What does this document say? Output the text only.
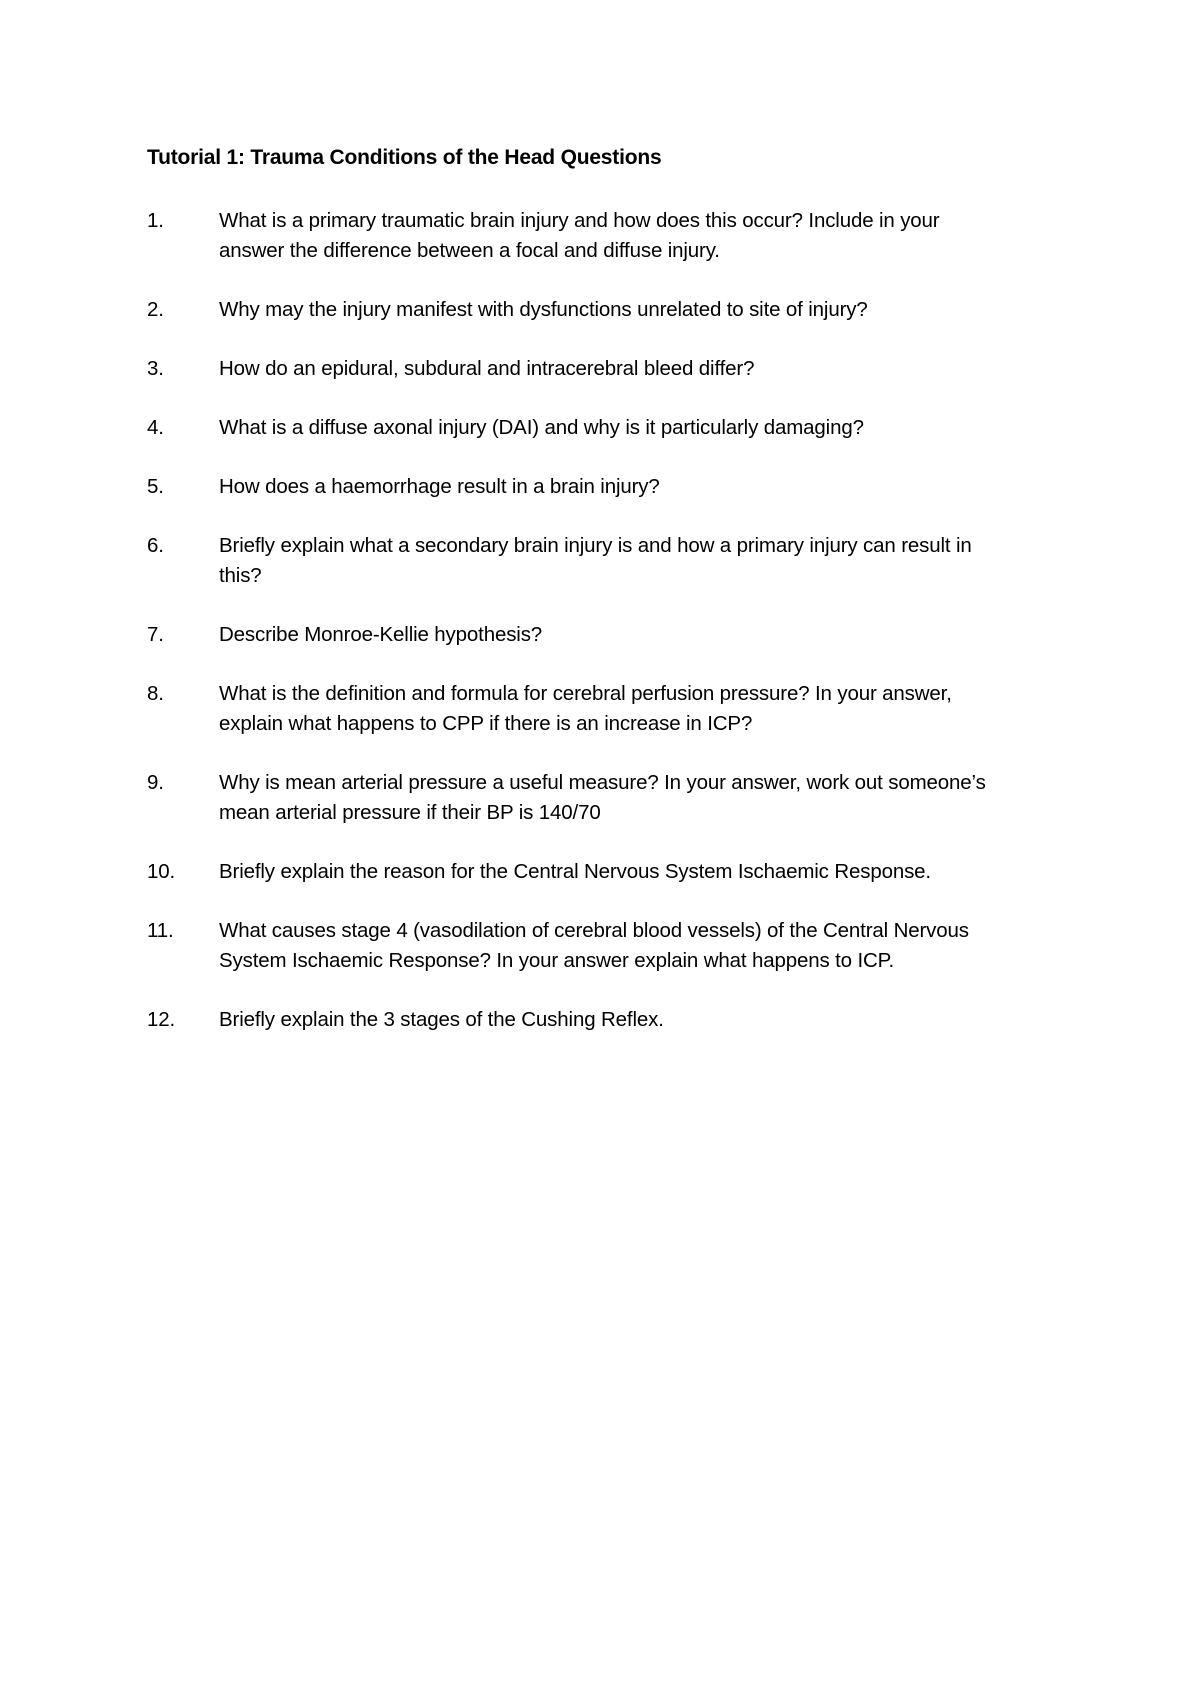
Tutorial 1: Trauma Conditions of the Head Questions
1.	What is a primary traumatic brain injury and how does this occur? Include in your
answer the difference between a focal and diffuse injury.
2.	Why may the injury manifest with dysfunctions unrelated to site of injury?
3.	How do an epidural, subdural and intracerebral bleed differ?
4.	What is a diffuse axonal injury (DAI) and why is it particularly damaging?
5.	How does a haemorrhage result in a brain injury?
6.	Briefly explain what a secondary brain injury is and how a primary injury can result in
this?
7.	Describe Monroe-Kellie hypothesis?
8.	What is the definition and formula for cerebral perfusion pressure? In your answer,
explain what happens to CPP if there is an increase in ICP?
9.	Why is mean arterial pressure a useful measure? In your answer, work out someone’s
mean arterial pressure if their BP is 140/70
10.	Briefly explain the reason for the Central Nervous System Ischaemic Response.
11.	What causes stage 4 (vasodilation of cerebral blood vessels) of the Central Nervous
System Ischaemic Response? In your answer explain what happens to ICP.
12.	Briefly explain the 3 stages of the Cushing Reflex.
